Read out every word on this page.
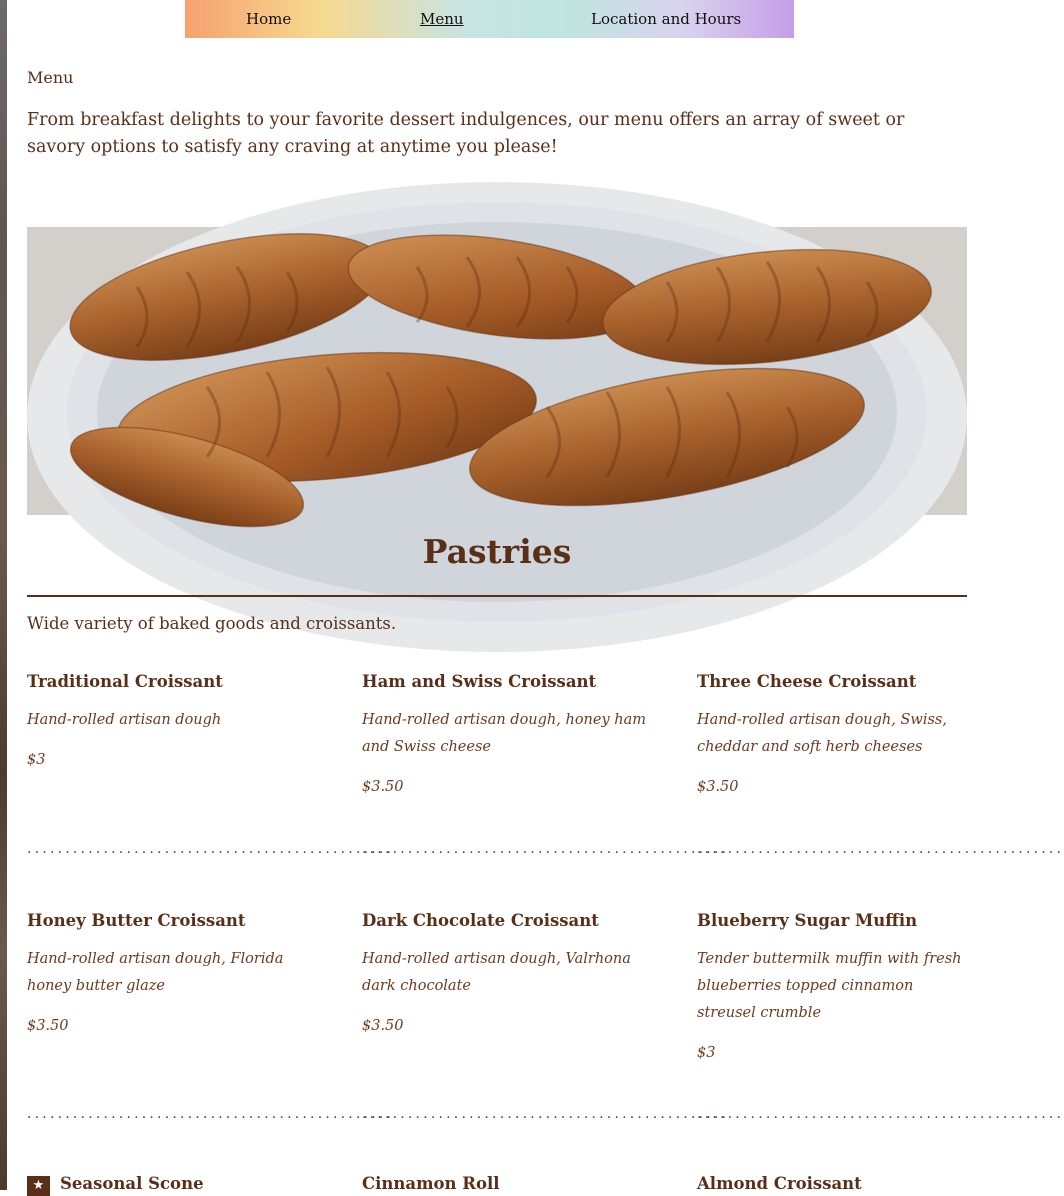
Home	Menu	Location and Hours
Menu

From breakfast delights to your favorite dessert indulgences, our menu offers an array of sweet or savory options to satisfy any craving at anytime you please!

Pastries
Wide variety of baked goods and croissants.
Traditional Croissant
Hand-rolled artisan dough
$3
Ham and Swiss Croissant
Hand-rolled artisan dough, honey ham and Swiss cheese
$3.50
Three Cheese Croissant
Hand-rolled artisan dough, Swiss, cheddar and soft herb cheeses
$3.50
................................................
................................................
................................................
Honey Butter Croissant
Hand-rolled artisan dough, Florida honey butter glaze
$3.50
Dark Chocolate Croissant
Hand-rolled artisan dough, Valrhona dark chocolate
$3.50
Blueberry Sugar Muffin
Tender buttermilk muffin with fresh blueberries topped cinnamon streusel crumble
$3
................................................
................................................
................................................
★ Seasonal Scone	Cinnamon Roll	Almond Croissant
